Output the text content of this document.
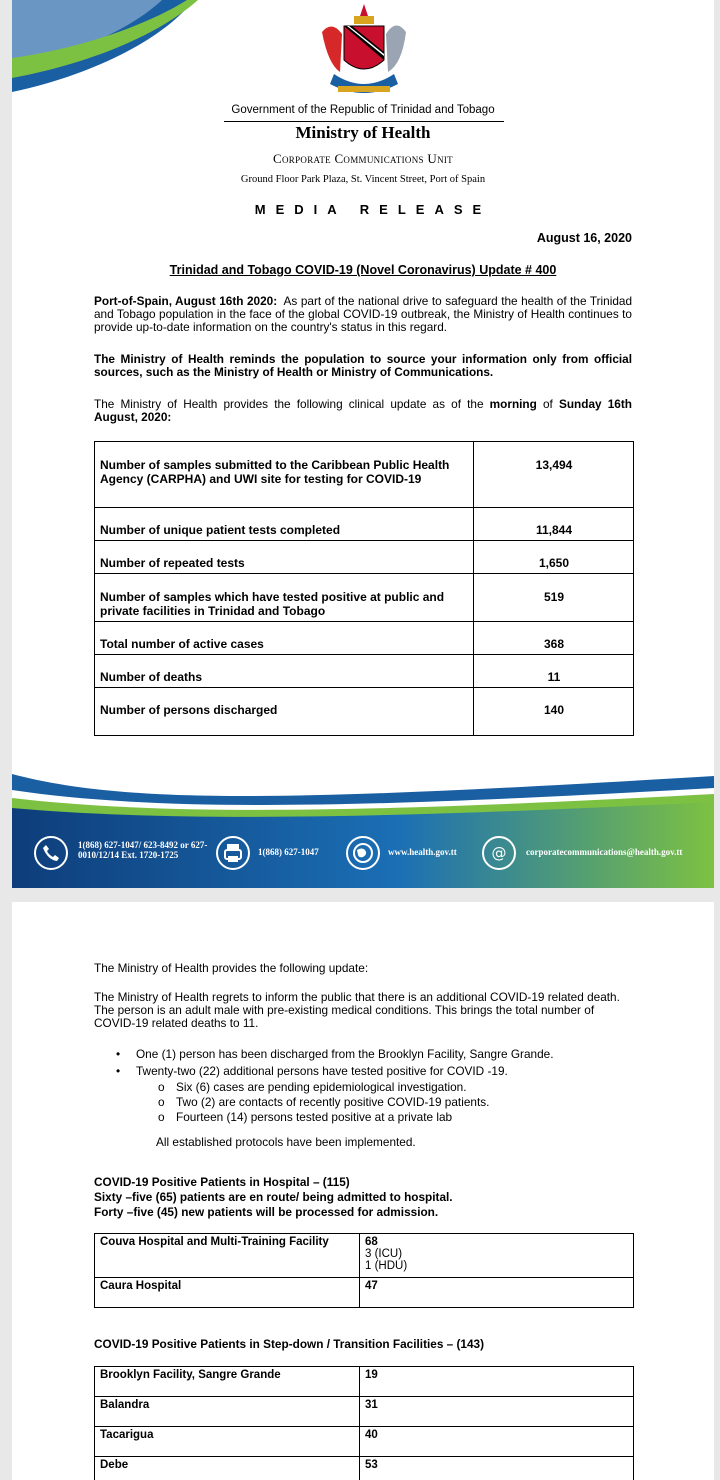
Government of the Republic of Trinidad and Tobago
Ministry of Health
Corporate Communications Unit
Ground Floor Park Plaza, St. Vincent Street, Port of Spain
MEDIA RELEASE
August 16, 2020
Trinidad and Tobago COVID-19 (Novel Coronavirus) Update # 400
Port-of-Spain, August 16th 2020: As part of the national drive to safeguard the health of the Trinidad and Tobago population in the face of the global COVID-19 outbreak, the Ministry of Health continues to provide up-to-date information on the country's status in this regard.
The Ministry of Health reminds the population to source your information only from official sources, such as the Ministry of Health or Ministry of Communications.
The Ministry of Health provides the following clinical update as of the morning of Sunday 16th August, 2020:
Number of samples submitted to the Caribbean Public Health Agency (CARPHA) and UWI site for testing for COVID-19	13,494
Number of unique patient tests completed	11,844
Number of repeated tests	1,650
Number of samples which have tested positive at public and private facilities in Trinidad and Tobago	519
Total number of active cases	368
Number of deaths	11
Number of persons discharged	140
1(868) 627-1047/ 623-8492 or 627-0010/12/14 Ext. 1720-1725	1(868) 627-1047	www.health.gov.tt @ corporatecommunications@health.gov.tt
The Ministry of Health provides the following update:
The Ministry of Health regrets to inform the public that there is an additional COVID-19 related death. The person is an adult male with pre-existing medical conditions. This brings the total number of COVID-19 related deaths to 11.
• One (1) person has been discharged from the Brooklyn Facility, Sangre Grande.
• Twenty-two (22) additional persons have tested positive for COVID -19.
o Six (6) cases are pending epidemiological investigation.
o Two (2) are contacts of recently positive COVID-19 patients.
o Fourteen (14) persons tested positive at a private lab
All established protocols have been implemented.
COVID-19 Positive Patients in Hospital – (115)
Sixty –five (65) patients are en route/ being admitted to hospital.
Forty –five (45) new patients will be processed for admission.
Couva Hospital and Multi-Training Facility	68
3 (ICU)
1 (HDU)

Caura Hospital	47
COVID-19 Positive Patients in Step-down / Transition Facilities – (143)
Brooklyn Facility, Sangre Grande	19
Balandra	31
Tacarigua	40
Debe	53
